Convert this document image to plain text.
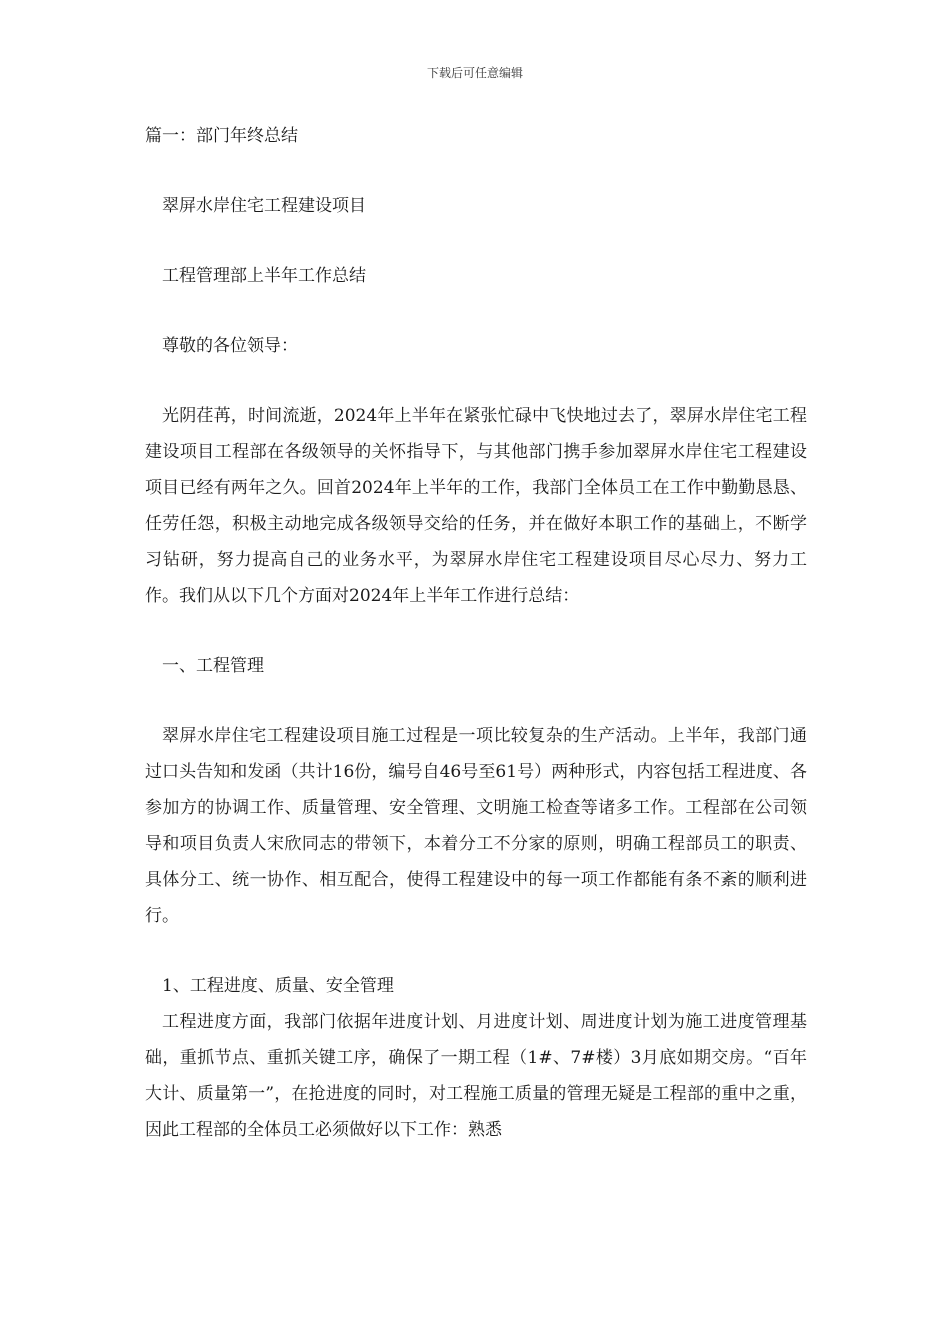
下载后可任意编辑

篇一：部门年终总结

翠屏水岸住宅工程建设项目

工程管理部上半年工作总结

尊敬的各位领导：

光阴荏苒，时间流逝，2024年上半年在紧张忙碌中飞快地过去了，翠屏水岸住宅工程建设项目工程部在各级领导的关怀指导下，与其他部门携手参加翠屏水岸住宅工程建设项目已经有两年之久。回首2024年上半年的工作，我部门全体员工在工作中勤勤恳恳、任劳任怨，积极主动地完成各级领导交给的任务，并在做好本职工作的基础上，不断学习钻研，努力提高自己的业务水平，为翠屏水岸住宅工程建设项目尽心尽力、努力工作。我们从以下几个方面对2024年上半年工作进行总结：

一、工程管理

翠屏水岸住宅工程建设项目施工过程是一项比较复杂的生产活动。上半年，我部门通过口头告知和发函（共计16份，编号自46号至61号）两种形式，内容包括工程进度、各参加方的协调工作、质量管理、安全管理、文明施工检查等诸多工作。工程部在公司领导和项目负责人宋欣同志的带领下，本着分工不分家的原则，明确工程部员工的职责、具体分工、统一协作、相互配合，使得工程建设中的每一项工作都能有条不紊的顺利进行。

1、工程进度、质量、安全管理

工程进度方面，我部门依据年进度计划、月进度计划、周进度计划为施工进度管理基础，重抓节点、重抓关键工序，确保了一期工程（1#、7#楼）3月底如期交房。“百年大计、质量第一”，在抢进度的同时，对工程施工质量的管理无疑是工程部的重中之重，因此工程部的全体员工必须做好以下工作：熟悉
